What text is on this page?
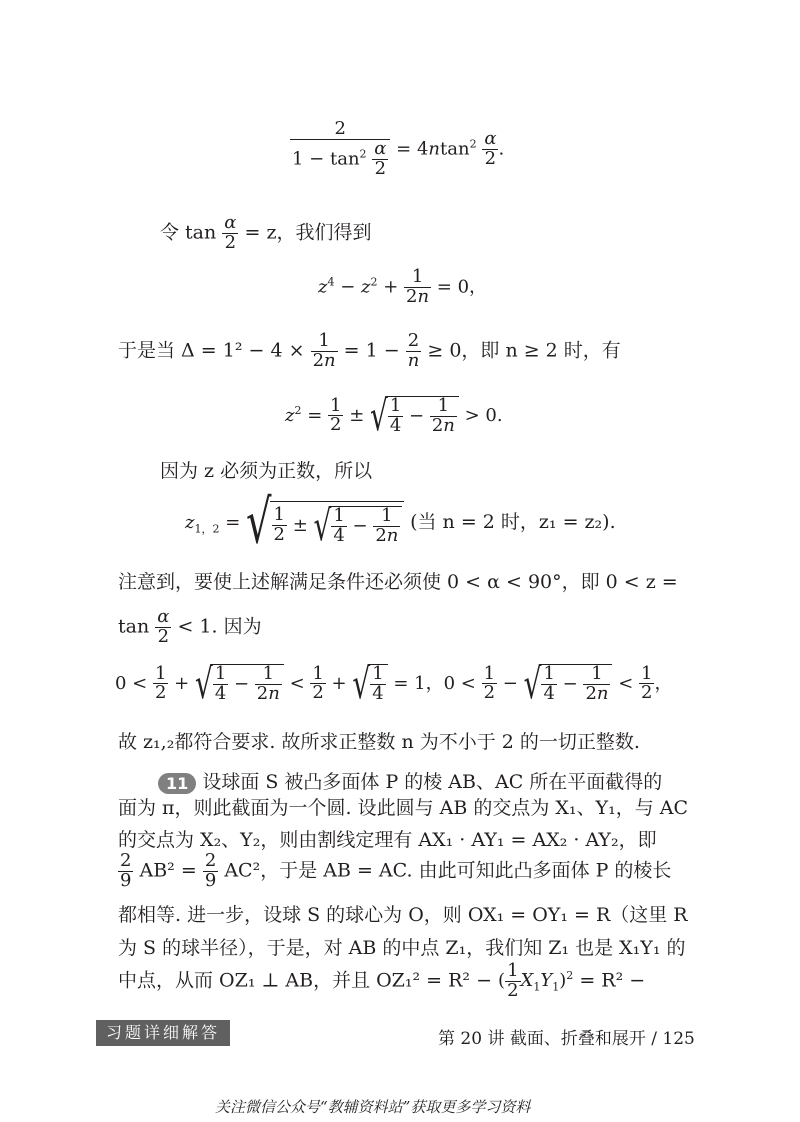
$\frac{2}{1 - \tan^2 \frac{\alpha}{2}} = 4ntan^2 \frac{\alpha}{2}$ .
令 $\tan \frac{\alpha}{2} = z$，我们得到
$z^4 - z^2 + \frac{1}{2n} = 0$，
于是当 $\Delta = 1^2 - 4 \times \frac{1}{2n} = 1 - \frac{2}{n} \ge 0$，即 n ≥ 2 时，有
$z^2 = \frac{1}{2}$ ± √ $\frac{1}{4} - \frac{1}{2n} > 0$.
因为 z 必须为正数，所以
$z_{1,2}$ = √ $\frac{1}{2}$ ± √ $\frac{1}{4} - \frac{1}{2n}$ (当 n = 2 时，z₁ = z₂).
注意到，要使上述解满足条件还必须使 0 < α < 90°，即 0 < z =
$\tan \frac{\alpha}{2} < 1$. 因为
$0 < \frac{1}{2}$ + √ $\frac{1}{4} - \frac{1}{2n} < \frac{1}{2}$ + √ $\frac{1}{4} = 1$，$0 < \frac{1}{2}$ − √ $\frac{1}{4} - \frac{1}{2n} < \frac{1}{2}$ ，
故 z₁,₂都符合要求. 故所求正整数 n 为不小于 2 的一切正整数.
11 设球面 S 被凸多面体 P 的棱 AB、AC 所在平面截得的
面为 π，则此截面为一个圆. 设此圆与 AB 的交点为 X₁、Y₁，与 AC
的交点为 X₂、Y₂，则由割线定理有 AX₁ · AY₁ = AX₂ · AY₂，即
$\frac{2}{9} AB^2 = \frac{2}{9} AC^2$，于是 AB = AC. 由此可知此凸多面体 P 的棱长
都相等. 进一步，设球 S 的球心为 O，则 OX₁ = OY₁ = R（这里 R
为 S 的球半径），于是，对 AB 的中点 Z₁，我们知 Z₁ 也是 X₁Y₁ 的
中点，从而 OZ₁ ⊥ AB，并且 OZ₁² = R² − ( $\frac{1}{2} X_1Y_1)^2 = R^2$ −
习题详细解答	第 20 讲 截面、折叠和展开 / 125
关注微信公众号“教辅资料站”获取更多学习资料
